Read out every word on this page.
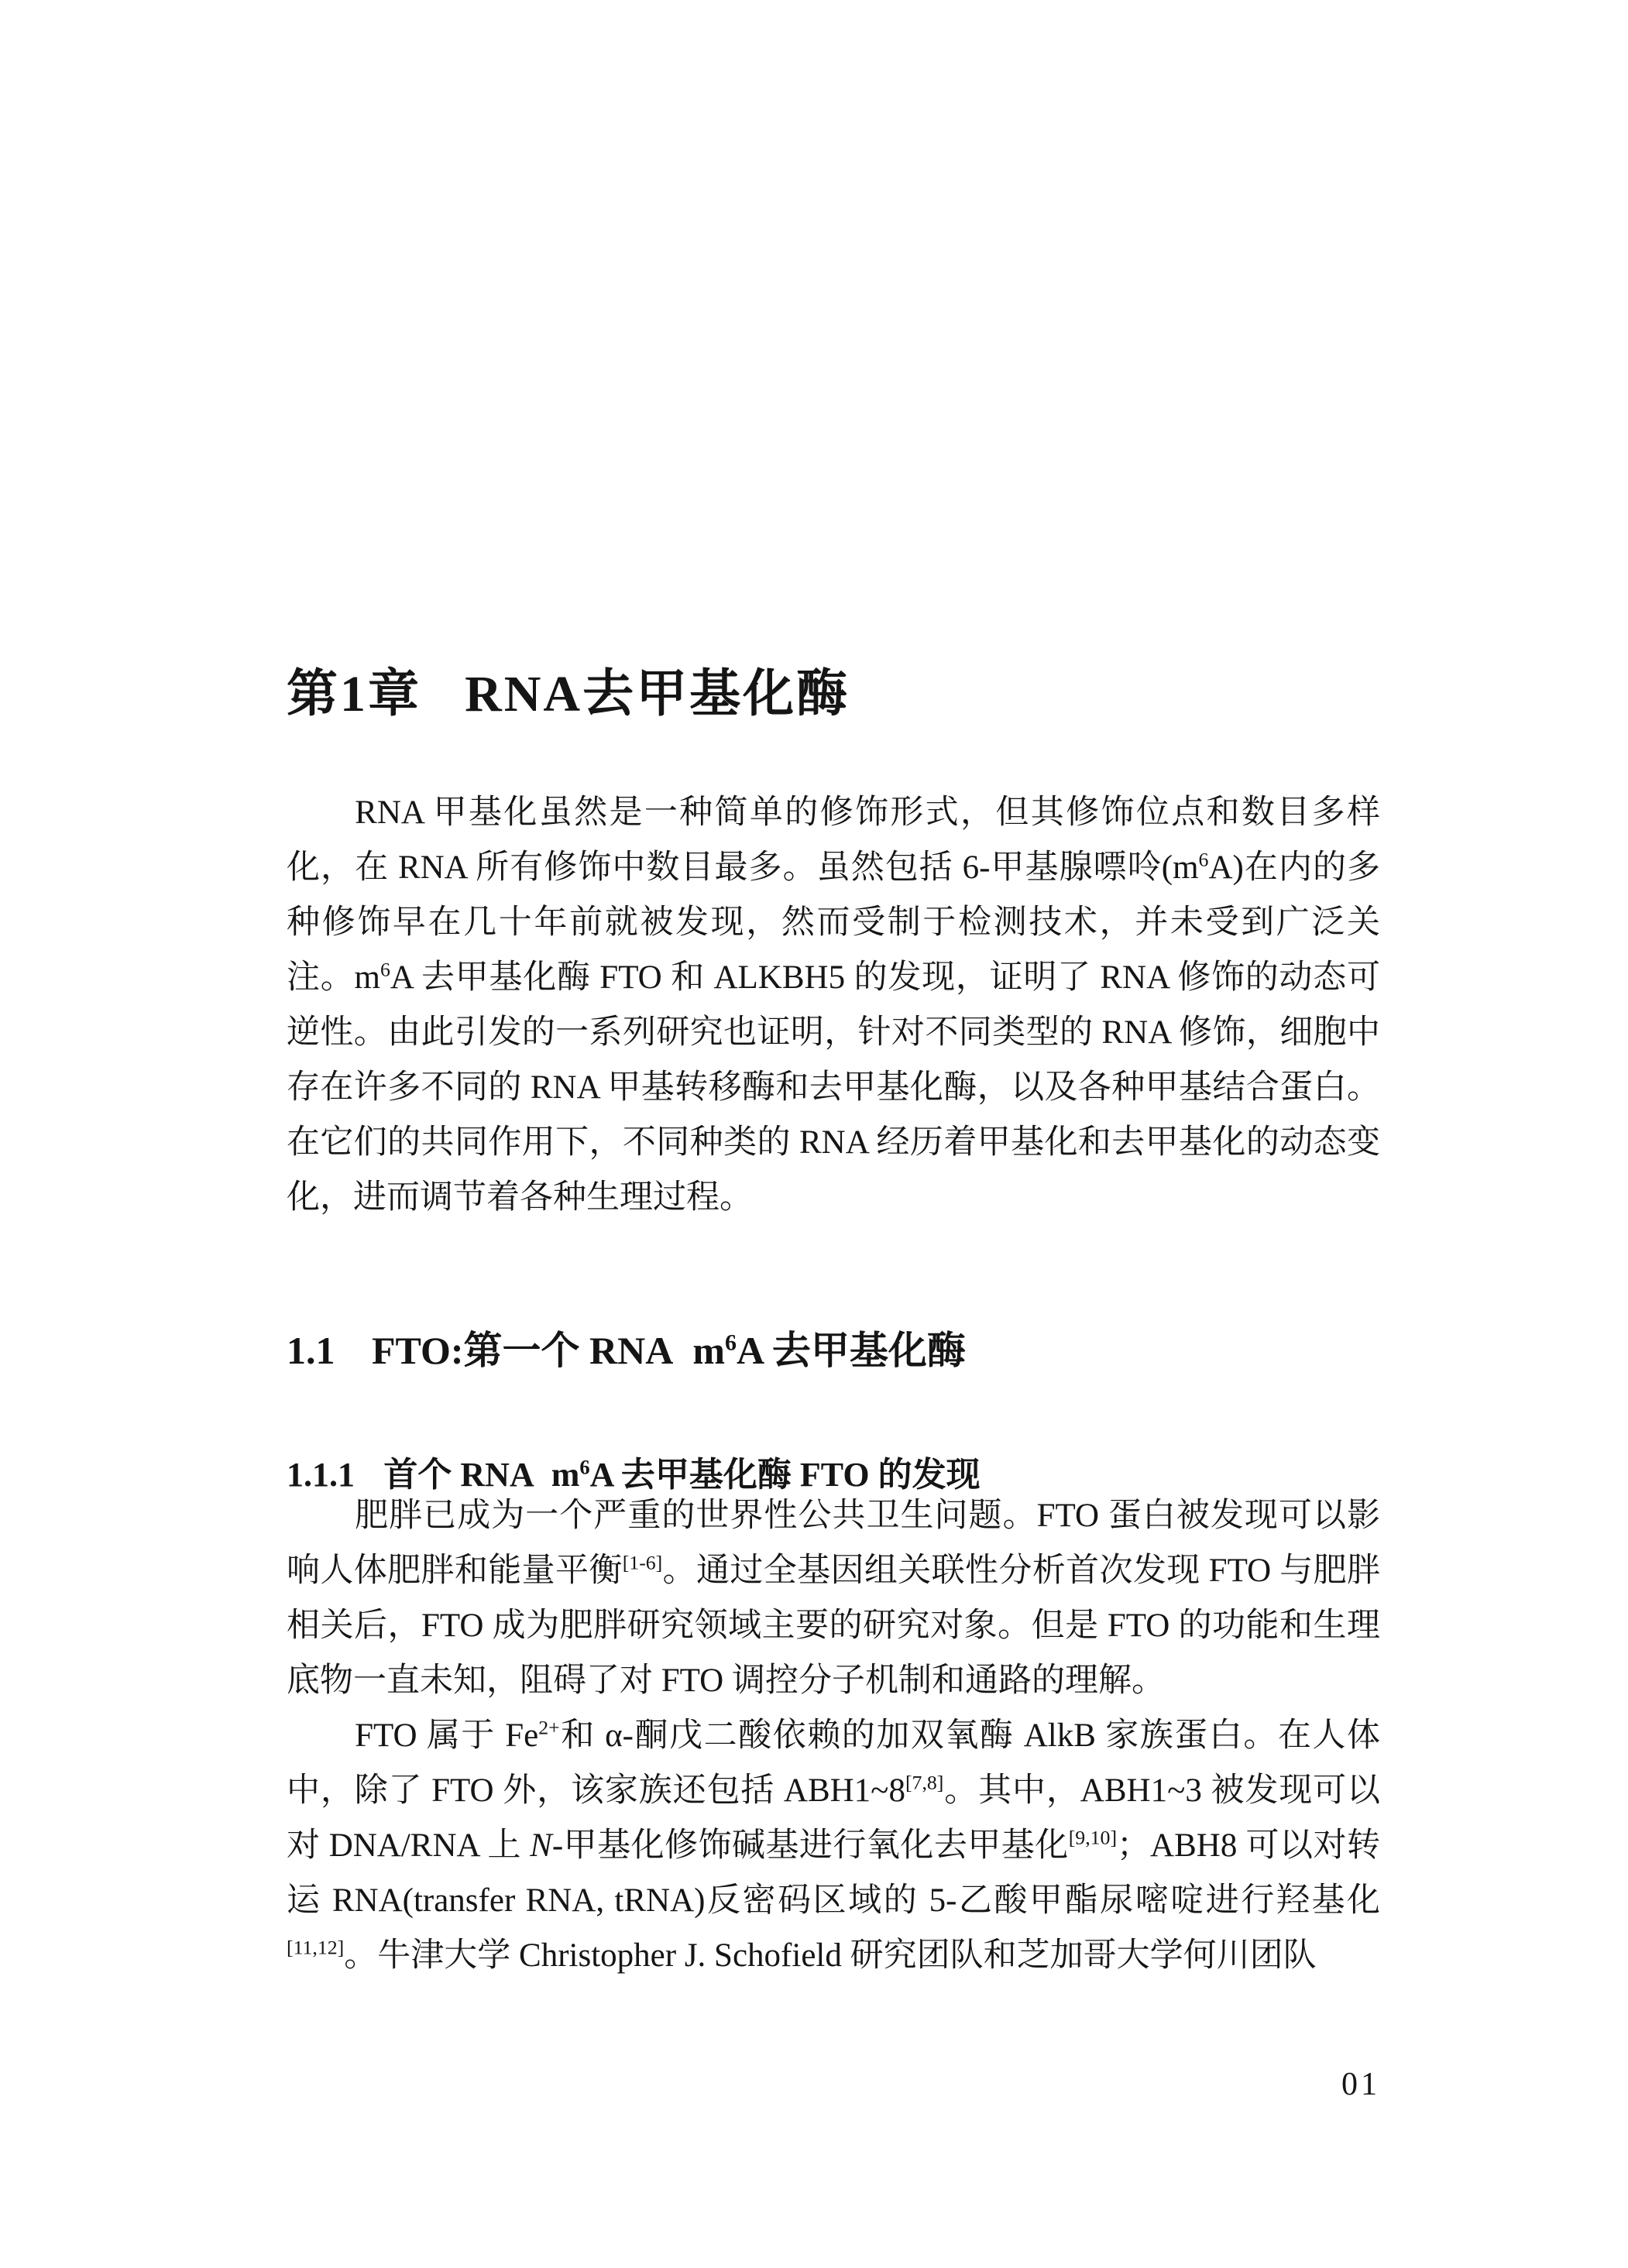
第1章 RNA去甲基化酶

RNA 甲基化虽然是一种简单的修饰形式，但其修饰位点和数目多样化，在 RNA 所有修饰中数目最多。虽然包括 6-甲基腺嘌呤$(m^6A)$在内的多种修饰早在几十年前就被发现，然而受制于检测技术，并未受到广泛关注。$m^6A$ 去甲基化酶 FTO 和 ALKBH5 的发现，证明了 RNA 修饰的动态可逆性。由此引发的一系列研究也证明，针对不同类型的 RNA 修饰，细胞中存在许多不同的 RNA 甲基转移酶和去甲基化酶，以及各种甲基结合蛋白。在它们的共同作用下，不同种类的 RNA 经历着甲基化和去甲基化的动态变化，进而调节着各种生理过程。

1.1 FTO:第一个 RNA $m^6A$ 去甲基化酶
1.1.1 首个 RNA $m^6A$ 去甲基化酶 FTO 的发现

肥胖已成为一个严重的世界性公共卫生问题。FTO 蛋白被发现可以影响人体肥胖和能量平衡[1-6]。通过全基因组关联性分析首次发现 FTO 与肥胖相关后，FTO 成为肥胖研究领域主要的研究对象。但是 FTO 的功能和生理底物一直未知，阻碍了对 FTO 调控分子机制和通路的理解。

FTO 属于 $Fe^{2+}$和 α-酮戊二酸依赖的加双氧酶 AlkB 家族蛋白。在人体中，除了 FTO 外，该家族还包括 ABH1~8[7,8]。其中，ABH1~3 被发现可以对 DNA/RNA 上 N-甲基化修饰碱基进行氧化去甲基化[9,10]；ABH8 可以对转运 RNA(transfer RNA, tRNA)反密码区域的 5-乙酸甲酯尿嘧啶进行羟基化[11,12]。牛津大学 Christopher J. Schofield 研究团队和芝加哥大学何川团队

01
